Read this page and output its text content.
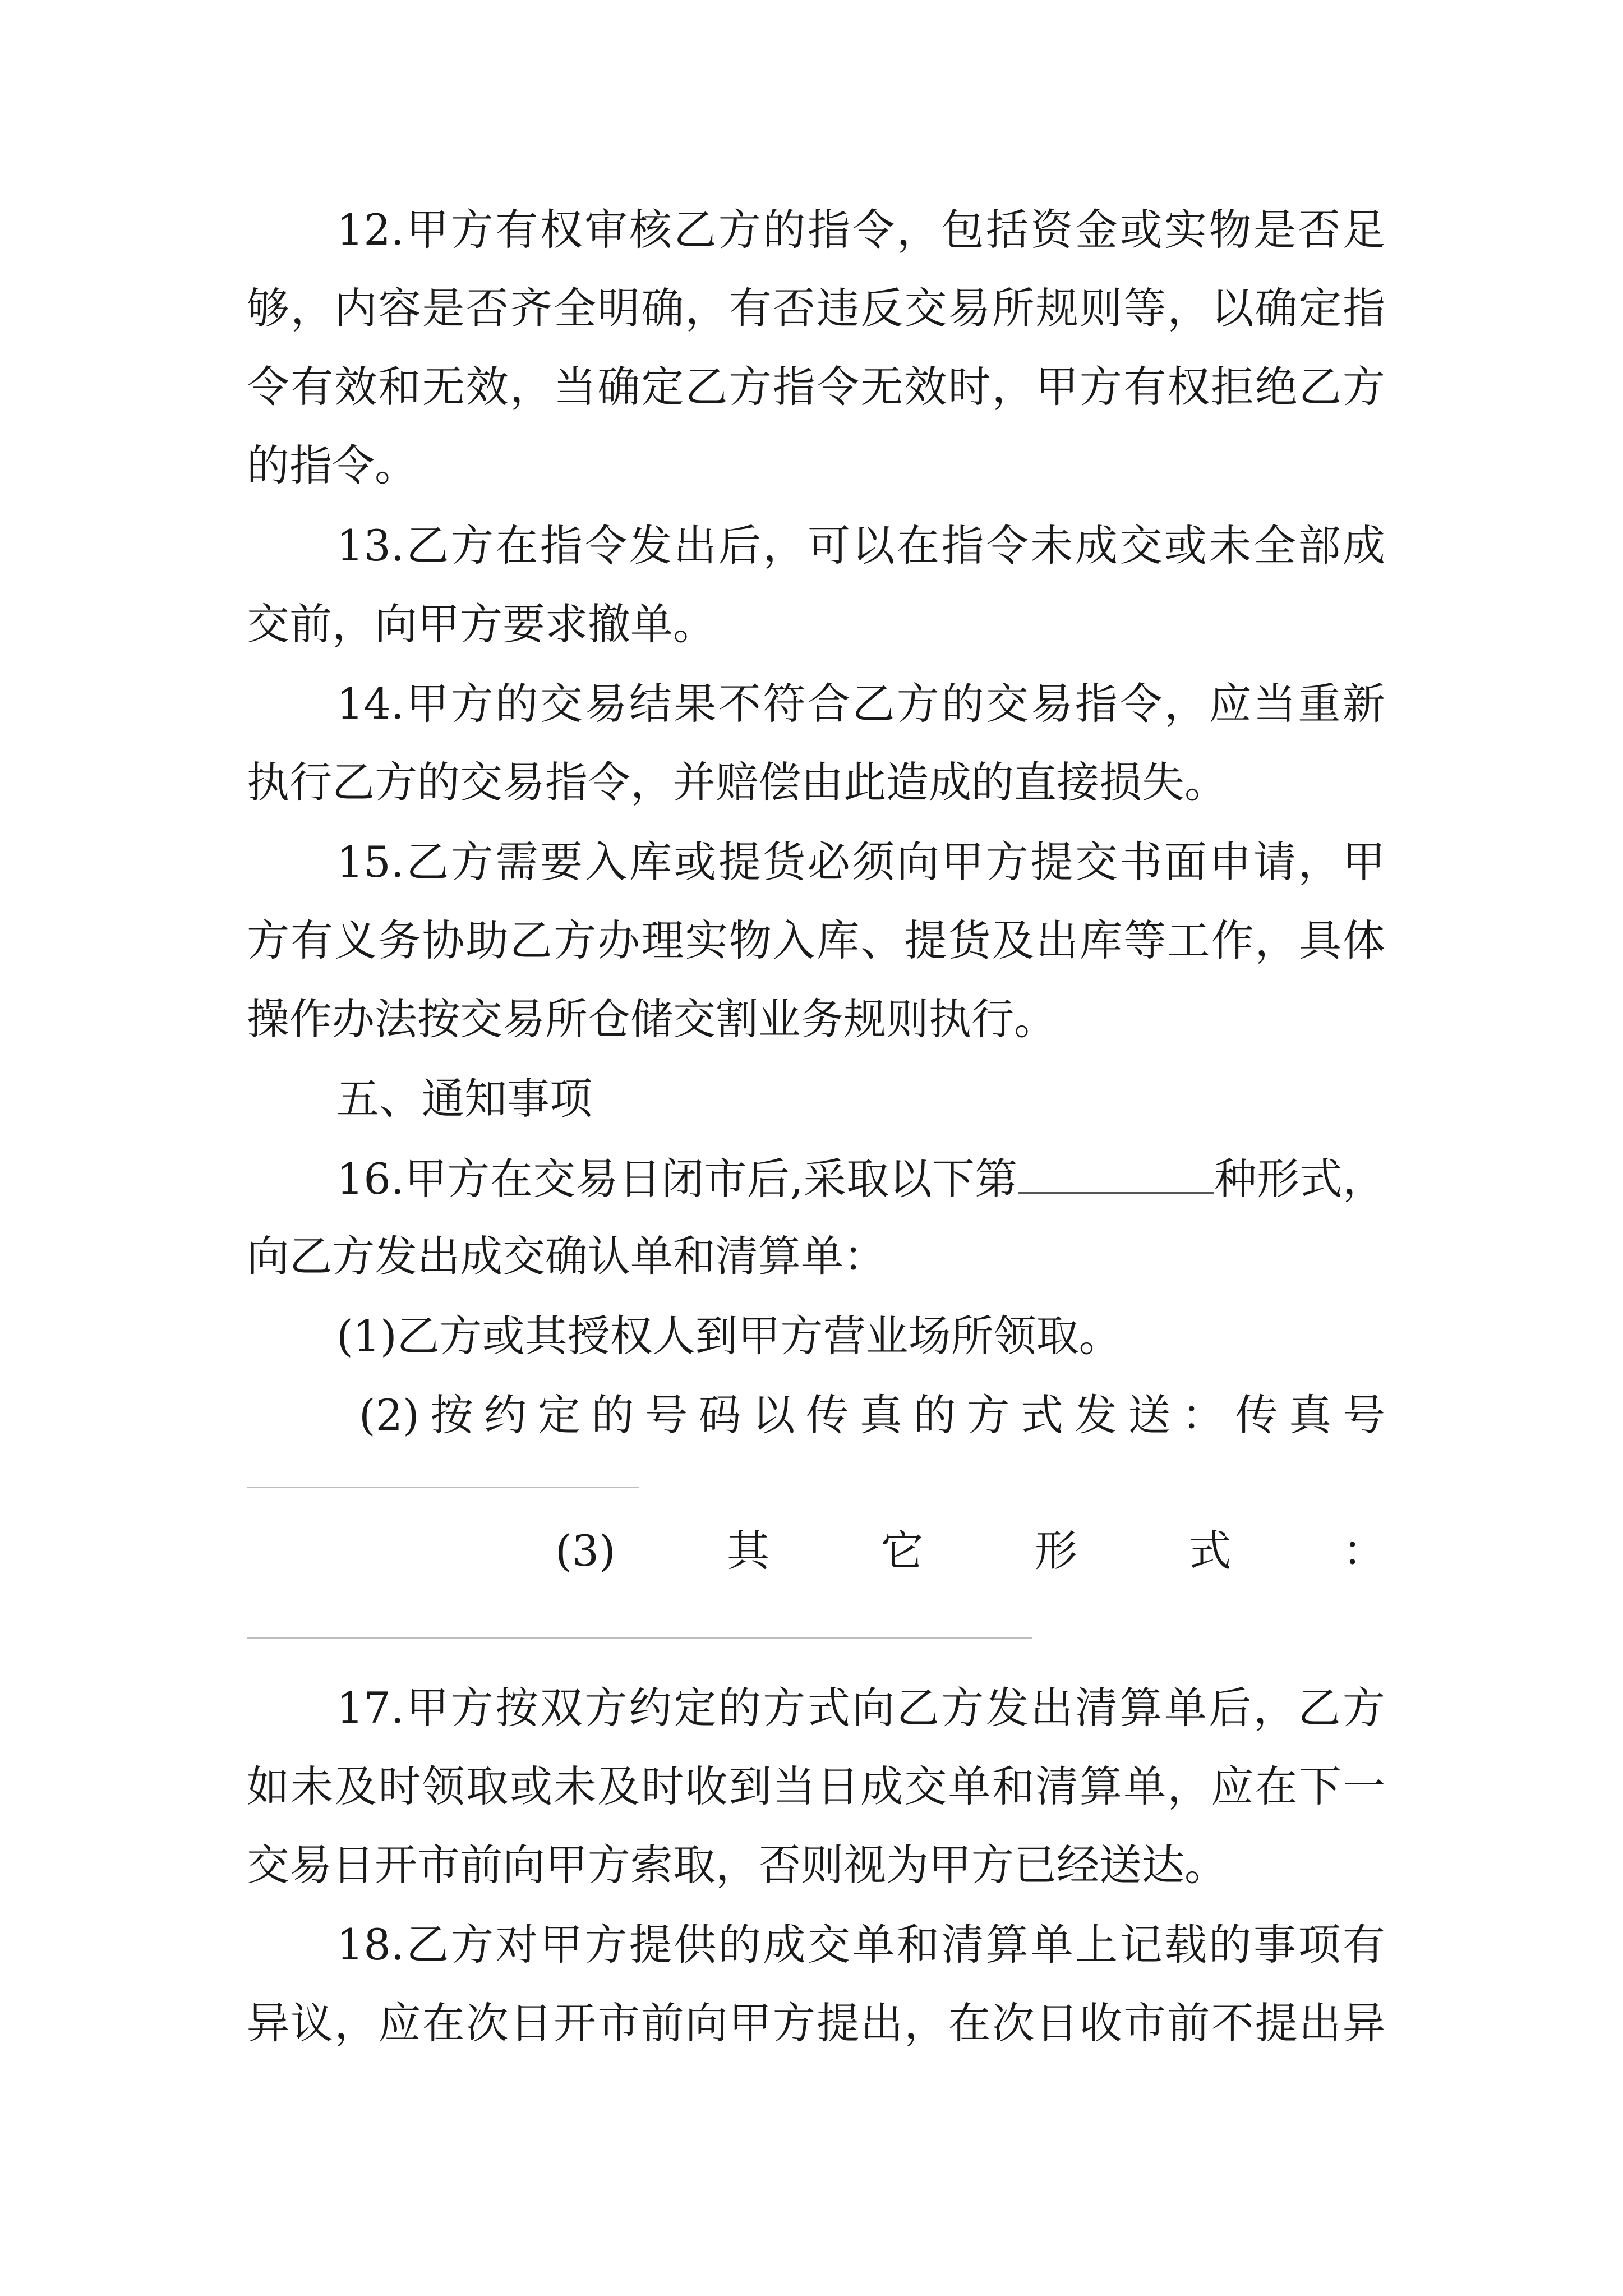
12.甲方有权审核乙方的指令，包括资金或实物是否足
够，内容是否齐全明确，有否违反交易所规则等，以确定指
令有效和无效，当确定乙方指令无效时，甲方有权拒绝乙方
的指令。
13.乙方在指令发出后，可以在指令未成交或未全部成
交前，向甲方要求撤单。
14.甲方的交易结果不符合乙方的交易指令，应当重新
执行乙方的交易指令，并赔偿由此造成的直接损失。
15.乙方需要入库或提货必须向甲方提交书面申请，甲
方有义务协助乙方办理实物入库、提货及出库等工作，具体
操作办法按交易所仓储交割业务规则执行。
五、通知事项
16.甲方在交易日闭市后,采取以下第	种形式，
向乙方发出成交确认单和清算单：
(1)乙方或其授权人到甲方营业场所领取。
(2)按约定的号码以传真的方式发送：传真号
(3)	其	它	形	式	：
17.甲方按双方约定的方式向乙方发出清算单后，乙方
如未及时领取或未及时收到当日成交单和清算单，应在下一
交易日开市前向甲方索取，否则视为甲方已经送达。
18.乙方对甲方提供的成交单和清算单上记载的事项有
异议，应在次日开市前向甲方提出，在次日收市前不提出异
